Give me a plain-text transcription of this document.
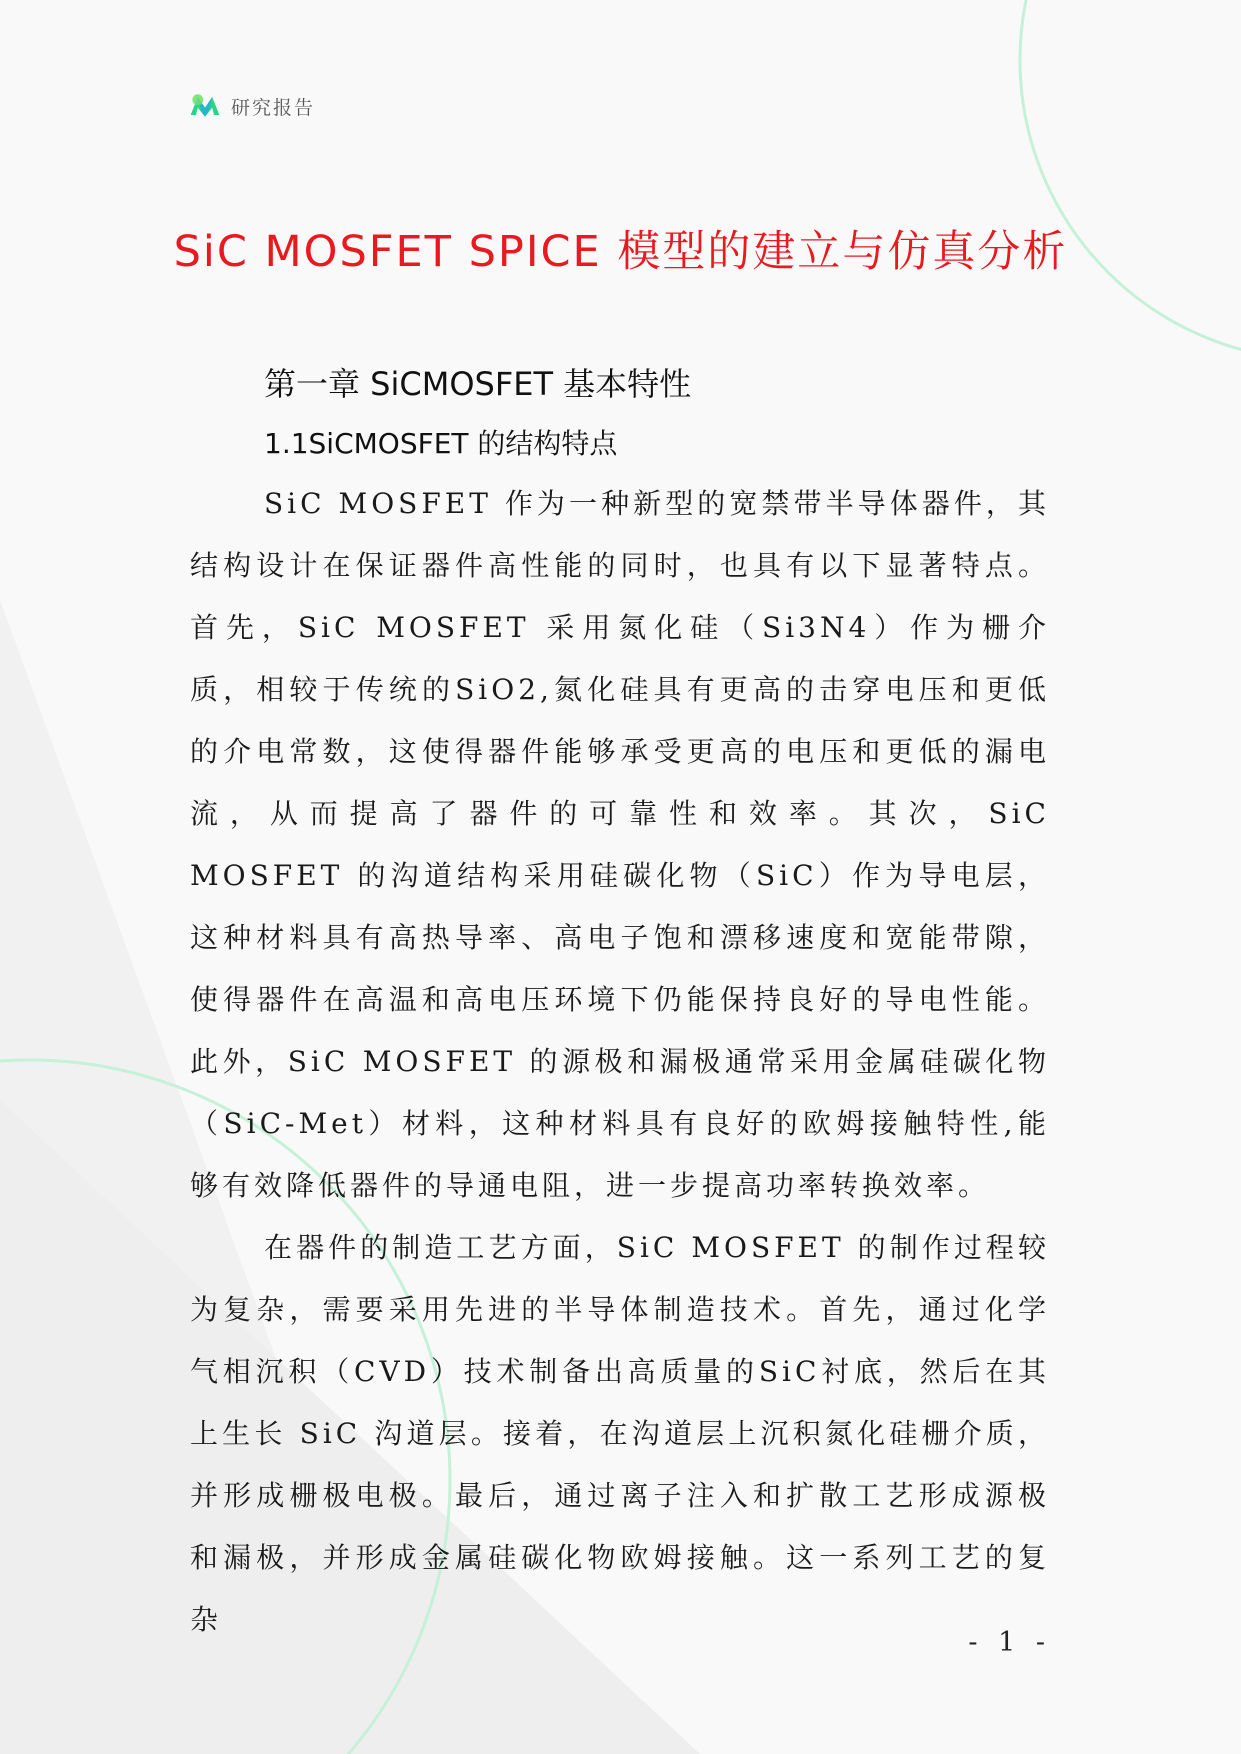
研究报告
SiC MOSFET SPICE 模型的建立与仿真分析
第一章 SiCMOSFET 基本特性
1.1SiCMOSFET 的结构特点

SiC MOSFET 作为一种新型的宽禁带半导体器件，其结构设计在保证器件高性能的同时，也具有以下显著特点。首先，SiC MOSFET 采用氮化硅（Si3N4）作为栅介质，相较于传统的SiO2,氮化硅具有更高的击穿电压和更低的介电常数，这使得器件能够承受更高的电压和更低的漏电流，从而提高了器件的可靠性和效率。其次，SiC MOSFET 的沟道结构采用硅碳化物（SiC）作为导电层，这种材料具有高热导率、高电子饱和漂移速度和宽能带隙，使得器件在高温和高电压环境下仍能保持良好的导电性能。此外，SiC MOSFET 的源极和漏极通常采用金属硅碳化物（SiC-Met）材料，这种材料具有良好的欧姆接触特性,能够有效降低器件的导通电阻，进一步提高功率转换效率。

在器件的制造工艺方面，SiC MOSFET 的制作过程较为复杂，需要采用先进的半导体制造技术。首先，通过化学气相沉积（CVD）技术制备出高质量的SiC衬底，然后在其上生长 SiC 沟道层。接着，在沟道层上沉积氮化硅栅介质，并形成栅极电极。最后，通过离子注入和扩散工艺形成源极和漏极，并形成金属硅碳化物欧姆接触。这一系列工艺的复杂

- 1 -
